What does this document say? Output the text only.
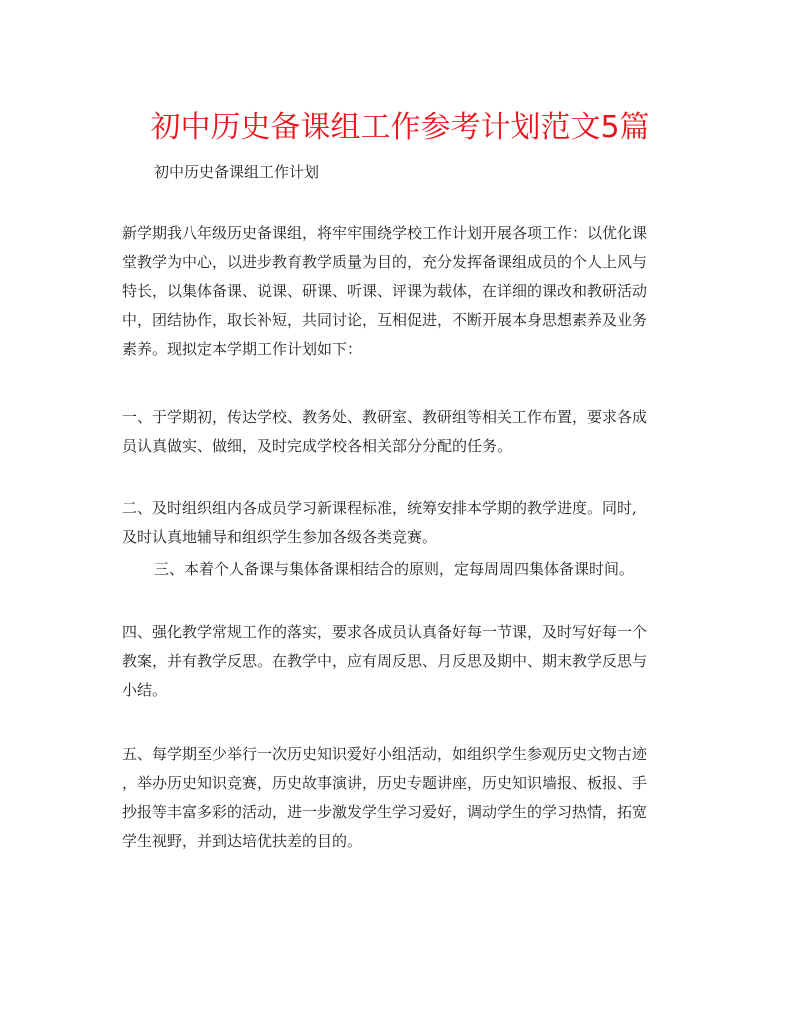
初中历史备课组工作参考计划范文5篇
初中历史备课组工作计划

新学期我八年级历史备课组，将牢牢围绕学校工作计划开展各项工作：以优化课
堂教学为中心，以进步教育教学质量为目的，充分发挥备课组成员的个人上风与
特长，以集体备课、说课、研课、听课、评课为载体，在详细的课改和教研活动
中，团结协作，取长补短，共同讨论，互相促进，不断开展本身思想素养及业务
素养。现拟定本学期工作计划如下：

一、于学期初，传达学校、教务处、教研室、教研组等相关工作布置，要求各成
员认真做实、做细，及时完成学校各相关部分分配的任务。

二、及时组织组内各成员学习新课程标准，统筹安排本学期的教学进度。同时,
及时认真地辅导和组织学生参加各级各类竞赛。

三、本着个人备课与集体备课相结合的原则，定每周周四集体备课时间。

四、强化教学常规工作的落实，要求各成员认真备好每一节课，及时写好每一个
教案，并有教学反思。在教学中，应有周反思、月反思及期中、期末教学反思与
小结。

五、每学期至少举行一次历史知识爱好小组活动，如组织学生参观历史文物古迹
，举办历史知识竞赛，历史故事演讲，历史专题讲座，历史知识墙报、板报、手
抄报等丰富多彩的活动，进一步激发学生学习爱好，调动学生的学习热情，拓宽
学生视野，并到达培优扶差的目的。
